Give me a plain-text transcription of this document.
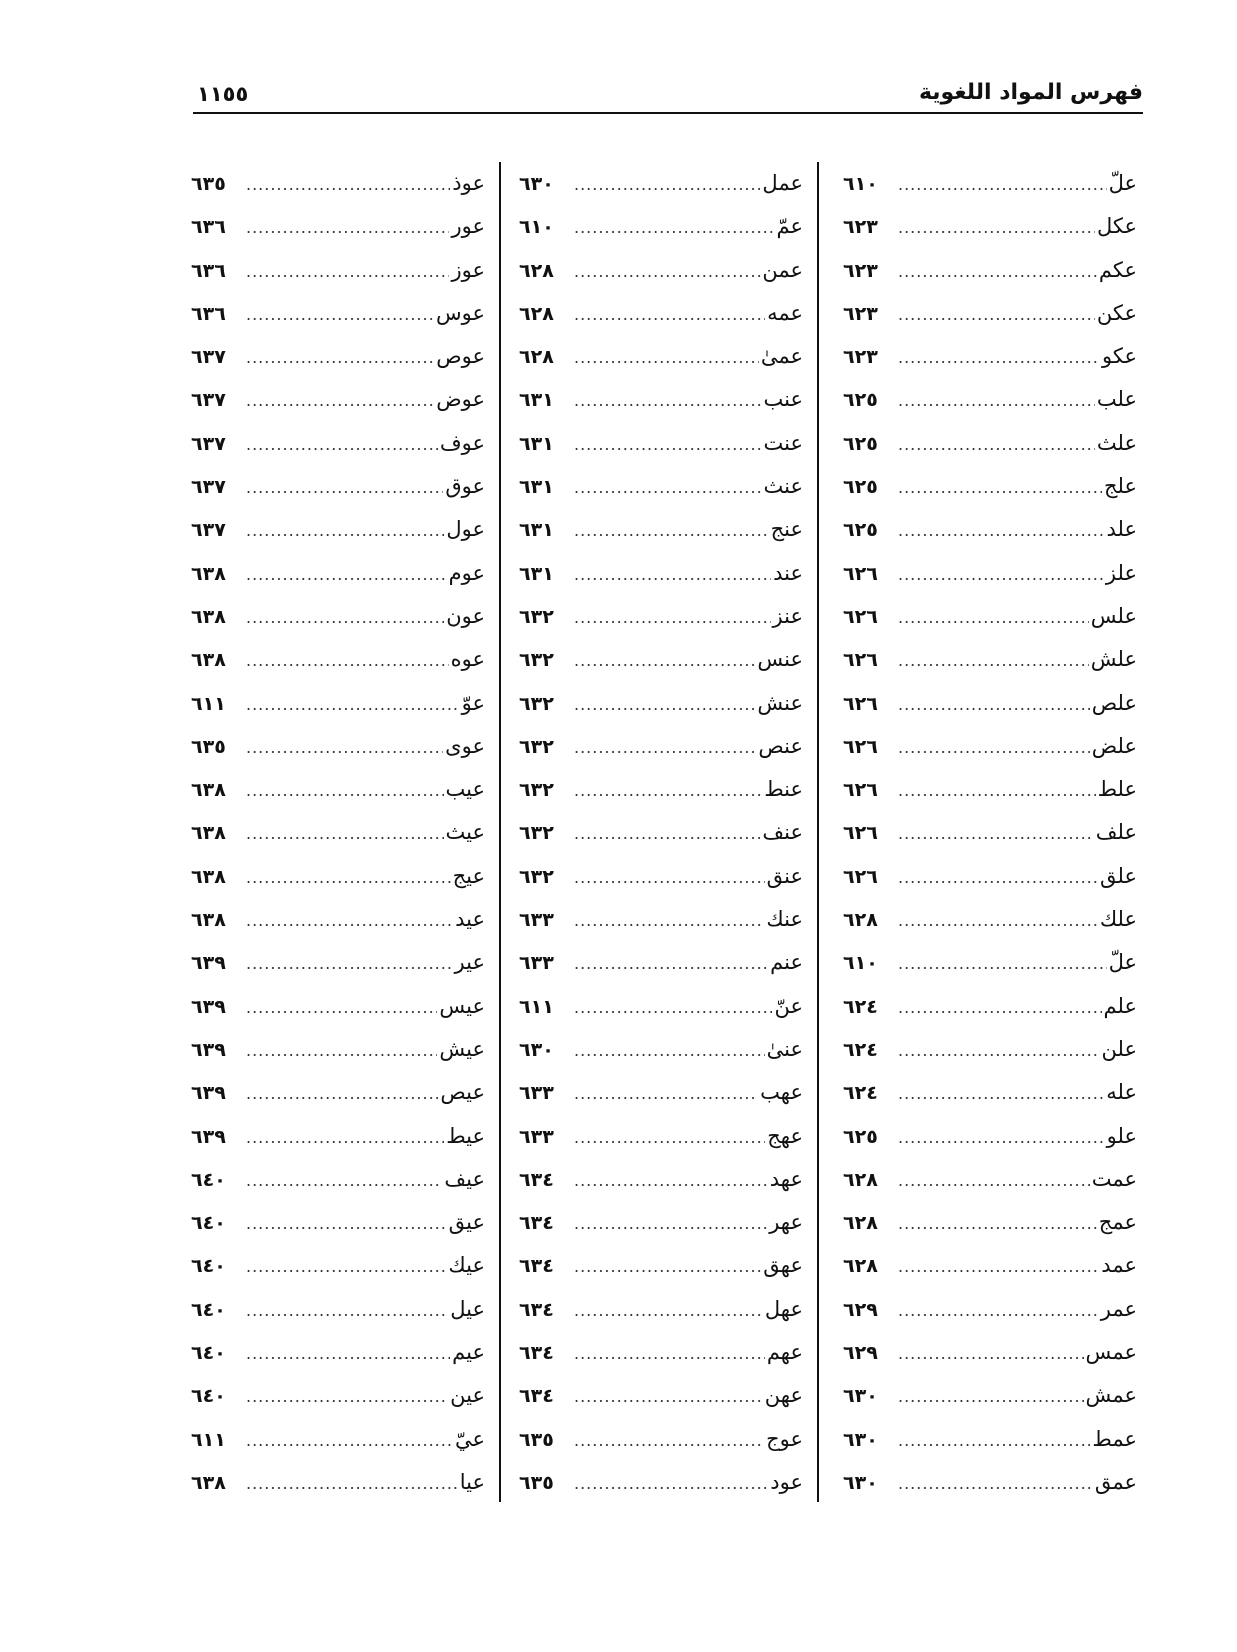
فهرس المواد اللغوية
١١٥٥
علّ
.....
٦١٠
عكل
.....
٦٢٣
عكم
.....
٦٢٣
عكن
.....
٦٢٣
عكو
.....
٦٢٣
علب
.....
٦٢٥
علث
.....
٦٢٥
علج
.....
٦٢٥
علد
.....
٦٢٥
علز
.....
٦٢٦
علس
.....
٦٢٦
علش
.....
٦٢٦
علص
.....
٦٢٦
علض
.....
٦٢٦
علط
.....
٦٢٦
علف
.....
٦٢٦
علق
.....
٦٢٦
علك
.....
٦٢٨
علّ
.....
٦١٠
علم
.....
٦٢٤
علن
.....
٦٢٤
عله
.....
٦٢٤
علو
.....
٦٢٥
عمت
.....
٦٢٨
عمج
.....
٦٢٨
عمد
.....
٦٢٨
عمر
.....
٦٢٩
عمس
.....
٦٢٩
عمش
.....
٦٣٠
عمط
.....
٦٣٠
عمق
.....
٦٣٠
عمل
.....
٦٣٠
عمّ
.....
٦١٠
عمن
.....
٦٢٨
عمه
.....
٦٢٨
عمىٰ
.....
٦٢٨
عنب
.....
٦٣١
عنت
.....
٦٣١
عنث
.....
٦٣١
عنج
.....
٦٣١
عند
.....
٦٣١
عنز
.....
٦٣٢
عنس
.....
٦٣٢
عنش
.....
٦٣٢
عنص
.....
٦٣٢
عنط
.....
٦٣٢
عنف
.....
٦٣٢
عنق
.....
٦٣٢
عنك
.....
٦٣٣
عنم
.....
٦٣٣
عنّ
.....
٦١١
عنىٰ
.....
٦٣٠
عهب
.....
٦٣٣
عهج
.....
٦٣٣
عهد
.....
٦٣٤
عهر
.....
٦٣٤
عهق
.....
٦٣٤
عهل
.....
٦٣٤
عهم
.....
٦٣٤
عهن
.....
٦٣٤
عوج
.....
٦٣٥
عود
.....
٦٣٥
عوذ
.....
٦٣٥
عور
.....
٦٣٦
عوز
.....
٦٣٦
عوس
.....
٦٣٦
عوص
.....
٦٣٧
عوض
.....
٦٣٧
عوف
.....
٦٣٧
عوق
.....
٦٣٧
عول
.....
٦٣٧
عوم
.....
٦٣٨
عون
.....
٦٣٨
عوه
.....
٦٣٨
عوّ
.....
٦١١
عوى
.....
٦٣٥
عيب
.....
٦٣٨
عيث
.....
٦٣٨
عيج
.....
٦٣٨
عيد
.....
٦٣٨
عير
.....
٦٣٩
عيس
.....
٦٣٩
عيش
.....
٦٣٩
عيص
.....
٦٣٩
عيط
.....
٦٣٩
عيف
.....
٦٤٠
عيق
.....
٦٤٠
عيك
.....
٦٤٠
عيل
.....
٦٤٠
عيم
.....
٦٤٠
عين
.....
٦٤٠
عيّ
.....
٦١١
عيا
.....
٦٣٨
